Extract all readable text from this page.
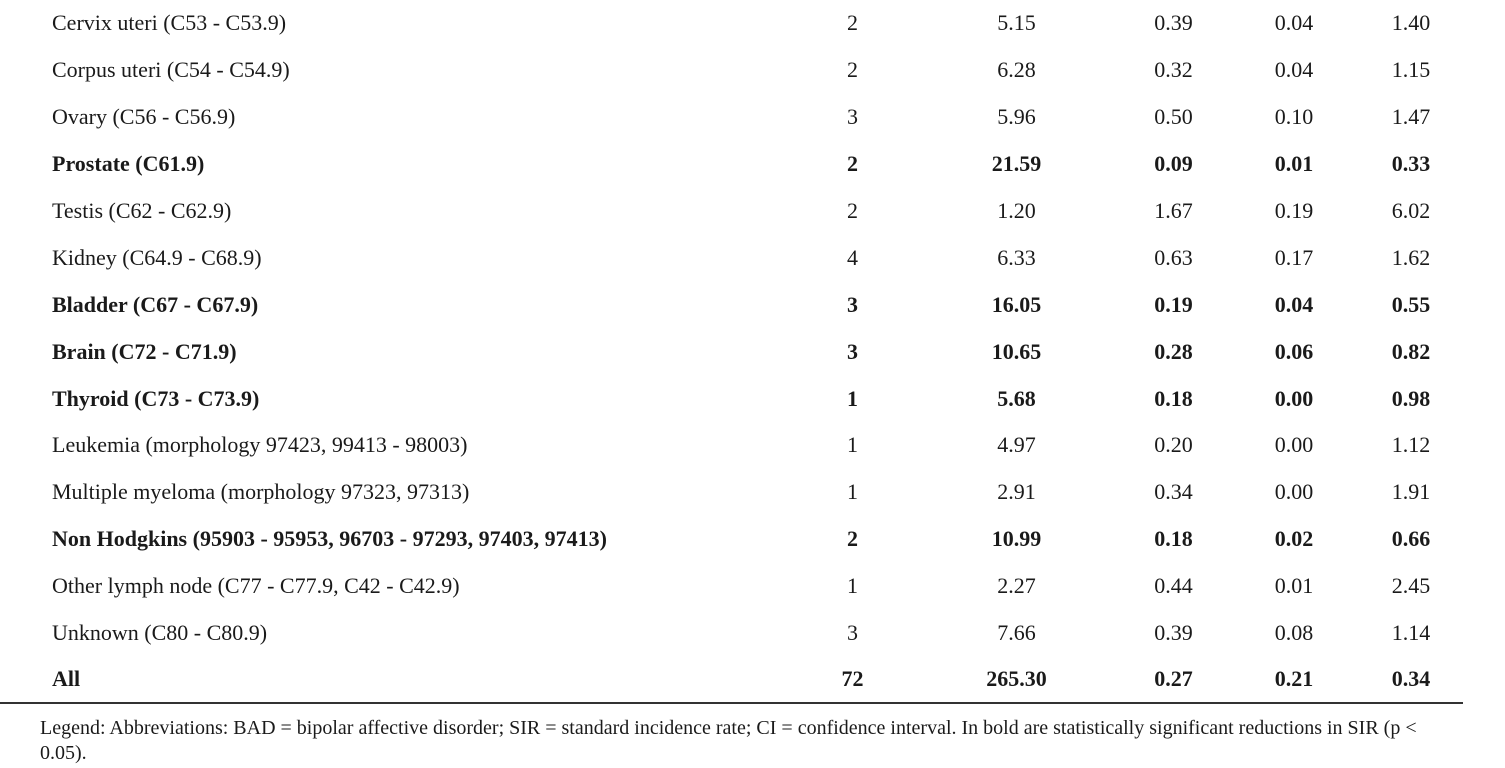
Cervix uteri (C53 - C53.9)	2	5.15	0.39	0.04	1.40
Corpus uteri (C54 - C54.9)	2	6.28	0.32	0.04	1.15
Ovary (C56 - C56.9)	3	5.96	0.50	0.10	1.47
Prostate (C61.9)	2	21.59	0.09	0.01	0.33
Testis (C62 - C62.9)	2	1.20	1.67	0.19	6.02
Kidney (C64.9 - C68.9)	4	6.33	0.63	0.17	1.62
Bladder (C67 - C67.9)	3	16.05	0.19	0.04	0.55
Brain (C72 - C71.9)	3	10.65	0.28	0.06	0.82
Thyroid (C73 - C73.9)	1	5.68	0.18	0.00	0.98
Leukemia (morphology 97423, 99413 - 98003)	1	4.97	0.20	0.00	1.12
Multiple myeloma (morphology 97323, 97313)	1	2.91	0.34	0.00	1.91
Non Hodgkins (95903 - 95953, 96703 - 97293, 97403, 97413)	2	10.99	0.18	0.02	0.66
Other lymph node (C77 - C77.9, C42 - C42.9)	1	2.27	0.44	0.01	2.45
Unknown (C80 - C80.9)	3	7.66	0.39	0.08	1.14
All	72	265.30	0.27	0.21	0.34
Legend: Abbreviations: BAD = bipolar affective disorder; SIR = standard incidence rate; CI = confidence interval. In bold are statistically significant reductions in SIR (p < 0.05).
